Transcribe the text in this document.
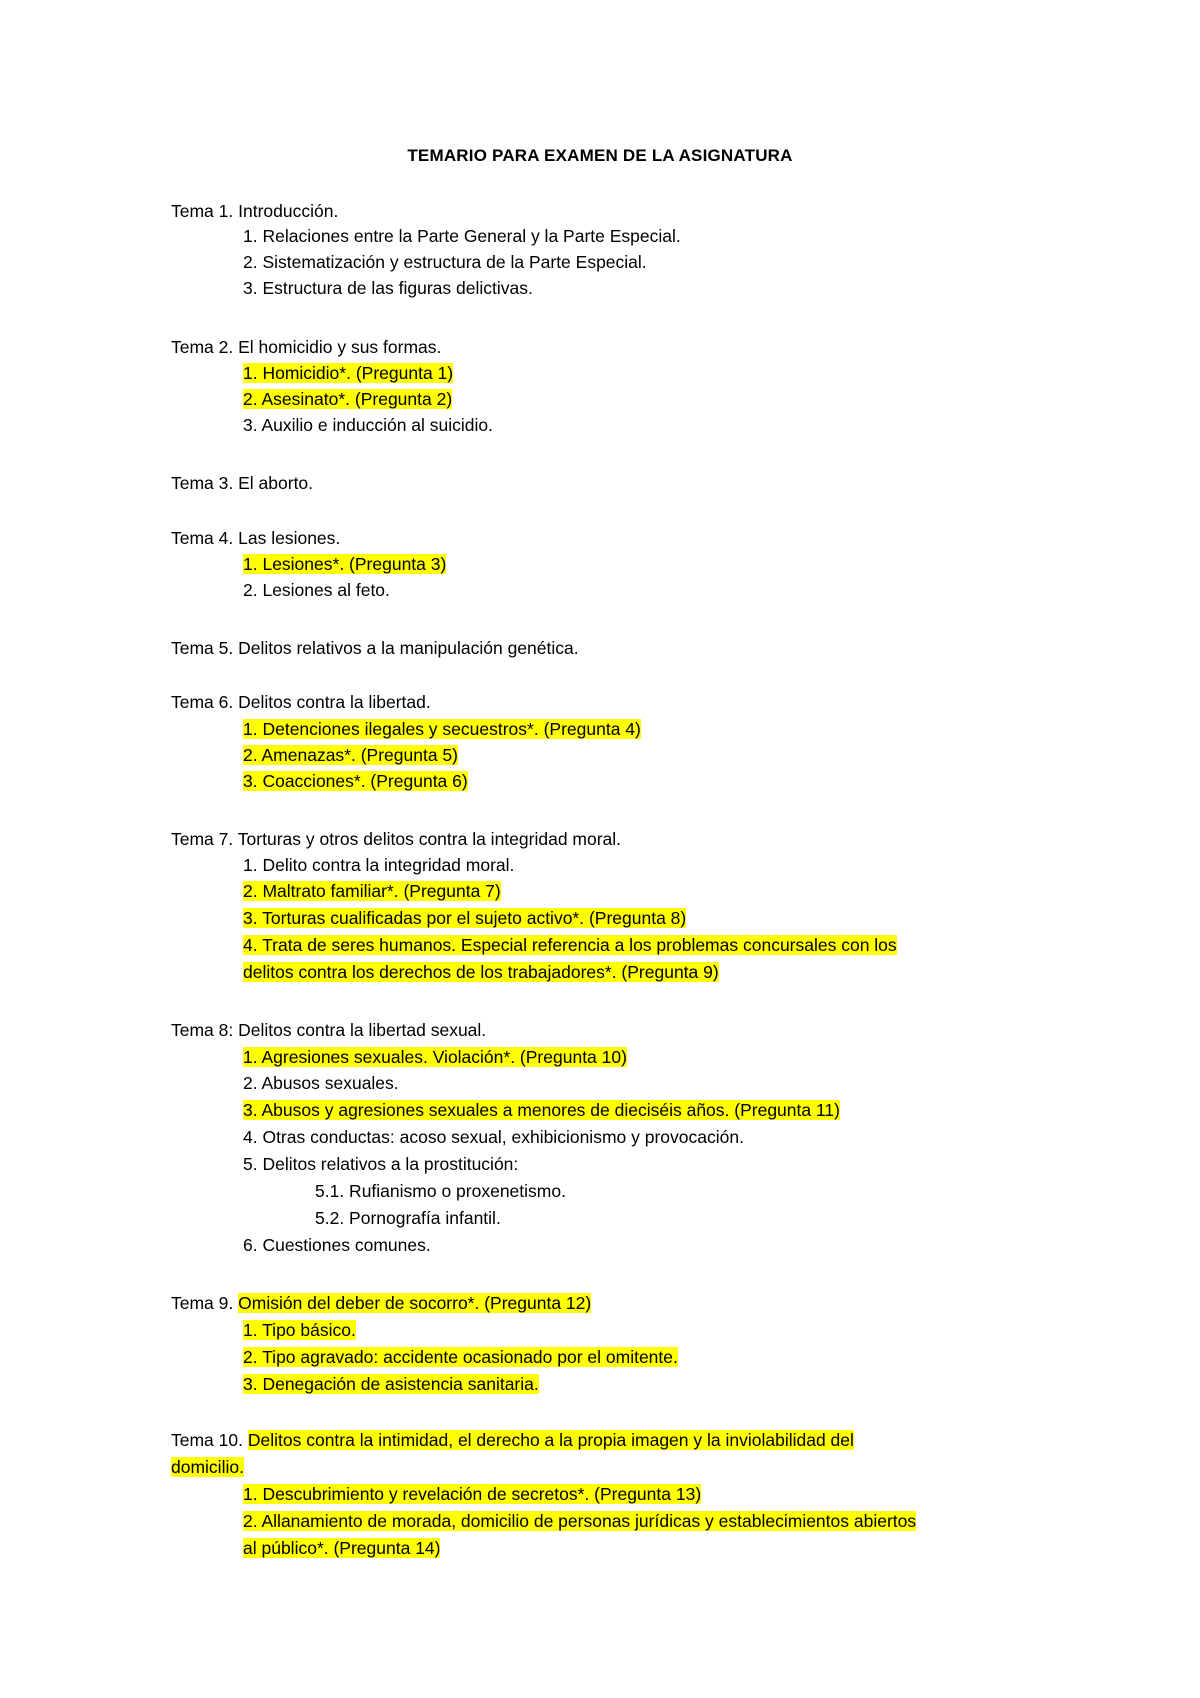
TEMARIO PARA EXAMEN DE LA ASIGNATURA
Tema 1. Introducción.
1. Relaciones entre la Parte General y la Parte Especial.
2. Sistematización y estructura de la Parte Especial.
3. Estructura de las figuras delictivas.
Tema 2. El homicidio y sus formas.
1. Homicidio*. (Pregunta 1)
2. Asesinato*. (Pregunta 2)
3. Auxilio e inducción al suicidio.
Tema 3. El aborto.
Tema 4. Las lesiones.
1. Lesiones*. (Pregunta 3)
2. Lesiones al feto.
Tema 5. Delitos relativos a la manipulación genética.
Tema 6. Delitos contra la libertad.
1. Detenciones ilegales y secuestros*. (Pregunta 4)
2. Amenazas*. (Pregunta 5)
3. Coacciones*. (Pregunta 6)
Tema 7. Torturas y otros delitos contra la integridad moral.
1. Delito contra la integridad moral.
2. Maltrato familiar*. (Pregunta 7)
3. Torturas cualificadas por el sujeto activo*. (Pregunta 8)
4. Trata de seres humanos. Especial referencia a los problemas concursales con los
delitos contra los derechos de los trabajadores*. (Pregunta 9)
Tema 8: Delitos contra la libertad sexual.
1. Agresiones sexuales. Violación*. (Pregunta 10)
2. Abusos sexuales.
3. Abusos y agresiones sexuales a menores de dieciséis años. (Pregunta 11)
4. Otras conductas: acoso sexual, exhibicionismo y provocación.
5. Delitos relativos a la prostitución:
5.1. Rufianismo o proxenetismo.
5.2. Pornografía infantil.
6. Cuestiones comunes.
Tema 9. Omisión del deber de socorro*. (Pregunta 12)
1. Tipo básico.
2. Tipo agravado: accidente ocasionado por el omitente.
3. Denegación de asistencia sanitaria.
Tema 10. Delitos contra la intimidad, el derecho a la propia imagen y la inviolabilidad del
domicilio.
1. Descubrimiento y revelación de secretos*. (Pregunta 13)
2. Allanamiento de morada, domicilio de personas jurídicas y establecimientos abiertos
al público*. (Pregunta 14)
